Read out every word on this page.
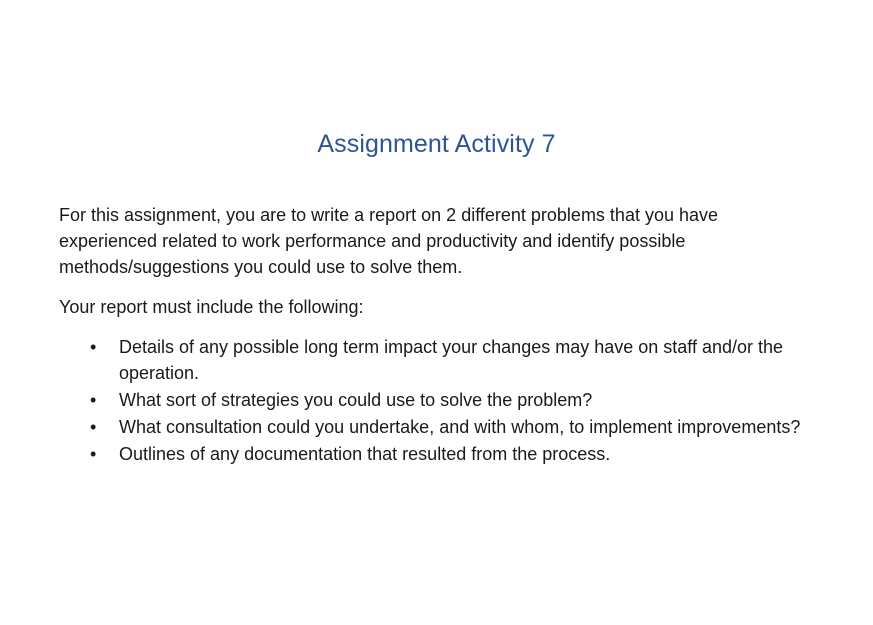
Assignment Activity 7

For this assignment, you are to write a report on 2 different problems that you have experienced related to work performance and productivity and identify possible methods/suggestions you could use to solve them.

Your report must include the following:

• Details of any possible long term impact your changes may have on staff and/or the operation.
• What sort of strategies you could use to solve the problem?
• What consultation could you undertake, and with whom, to implement improvements?
• Outlines of any documentation that resulted from the process.
